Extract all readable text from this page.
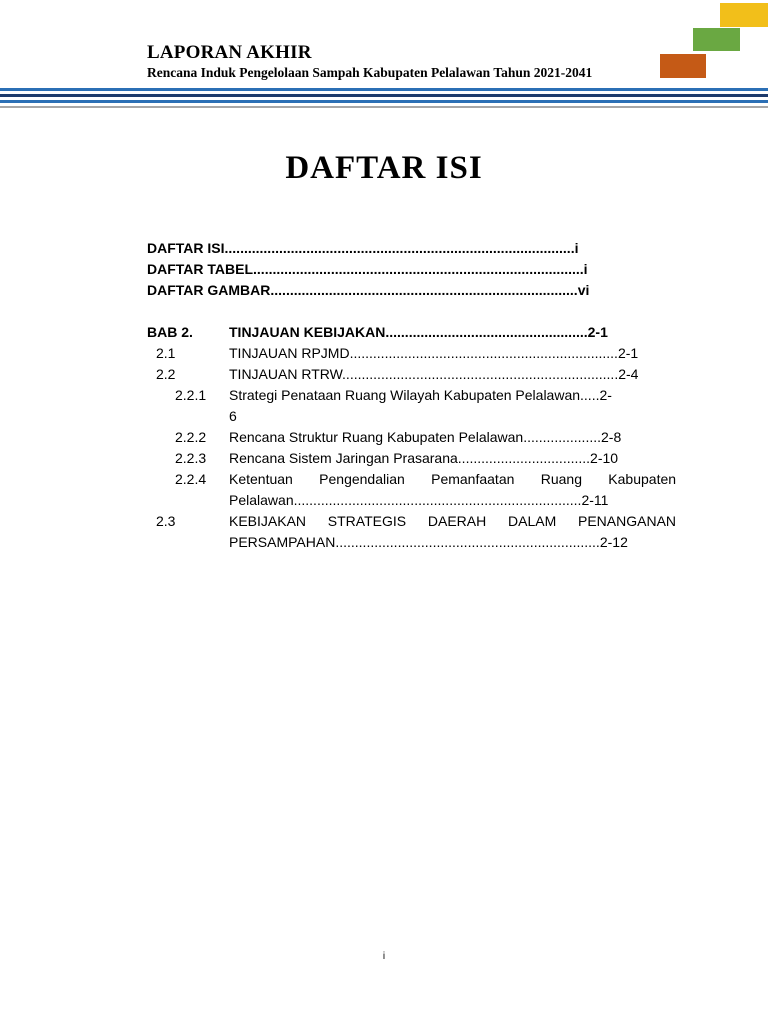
LAPORAN AKHIR
Rencana Induk Pengelolaan Sampah Kabupaten Pelalawan Tahun 2021-2041
DAFTAR ISI
DAFTAR ISI..........................................................................................i
DAFTAR TABEL.....................................................................................i
DAFTAR GAMBAR...............................................................................vi
BAB 2.	TINJAUAN KEBIJAKAN....................................................2-1
2.1	TINJAUAN RPJMD.....................................................................2-1
2.2	TINJAUAN RTRW.......................................................................2-4
2.2.1 Strategi Penataan Ruang Wilayah Kabupaten Pelalawan.....2-
6
2.2.2 Rencana Struktur Ruang Kabupaten Pelalawan....................2-8
2.2.3 Rencana Sistem Jaringan Prasarana..................................2-10
2.2.4 Ketentuan Pengendalian Pemanfaatan Ruang Kabupaten
Pelalawan..........................................................................2-11
2.3	KEBIJAKAN STRATEGIS DAERAH DALAM PENANGANAN
PERSAMPAHAN....................................................................2-12
i
